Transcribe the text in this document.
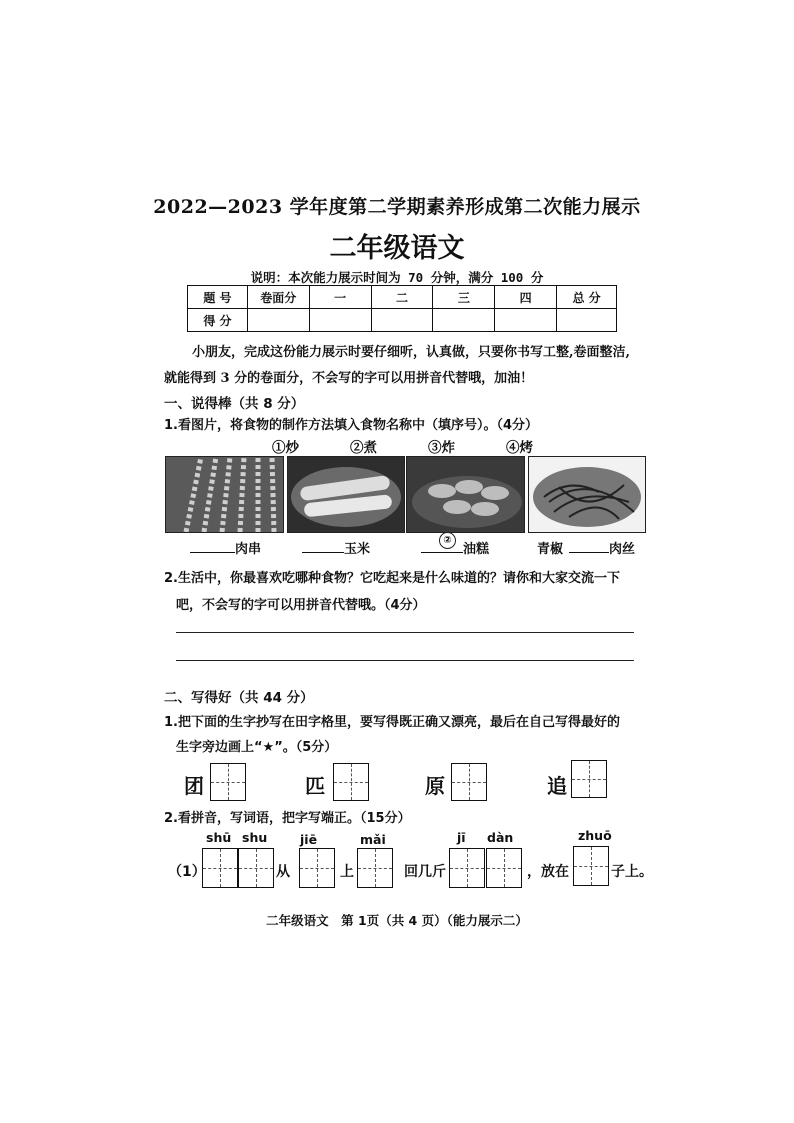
2022—2023 学年度第二学期素养形成第二次能力展示
二年级语文
说明：本次能力展示时间为 70 分钟，满分 100 分
题 号	卷面分	一	二	三	四	总 分
得 分						
小朋友，完成这份能力展示时要仔细听，认真做，只要你书写工整,卷面整洁,就能得到 3 分的卷面分，不会写的字可以用拼音代替哦，加油！
一、说得棒（共 8 分）
1.看图片，将食物的制作方法填入食物名称中（填序号）。（4分）
①炒	②煮	③炸	④烤
肉串	玉米
②
油糕	青椒	肉丝
2.生活中，你最喜欢吃哪种食物？它吃起来是什么味道的？请你和大家交流一下
吧，不会写的字可以用拼音代替哦。（4分）
二、写得好（共 44 分）
1.把下面的生字抄写在田字格里，要写得既正确又漂亮，最后在自己写得最好的
生字旁边画上“★”。（5分）
团	匹	原	追
2.看拼音，写词语，把字写端正。（15分）
shū shu	jiē	mǎi	jī dàn	zhuō
（1）	从	上	回几斤	，放在	子上。
二年级语文　第 1页（共 4 页）（能力展示二）
